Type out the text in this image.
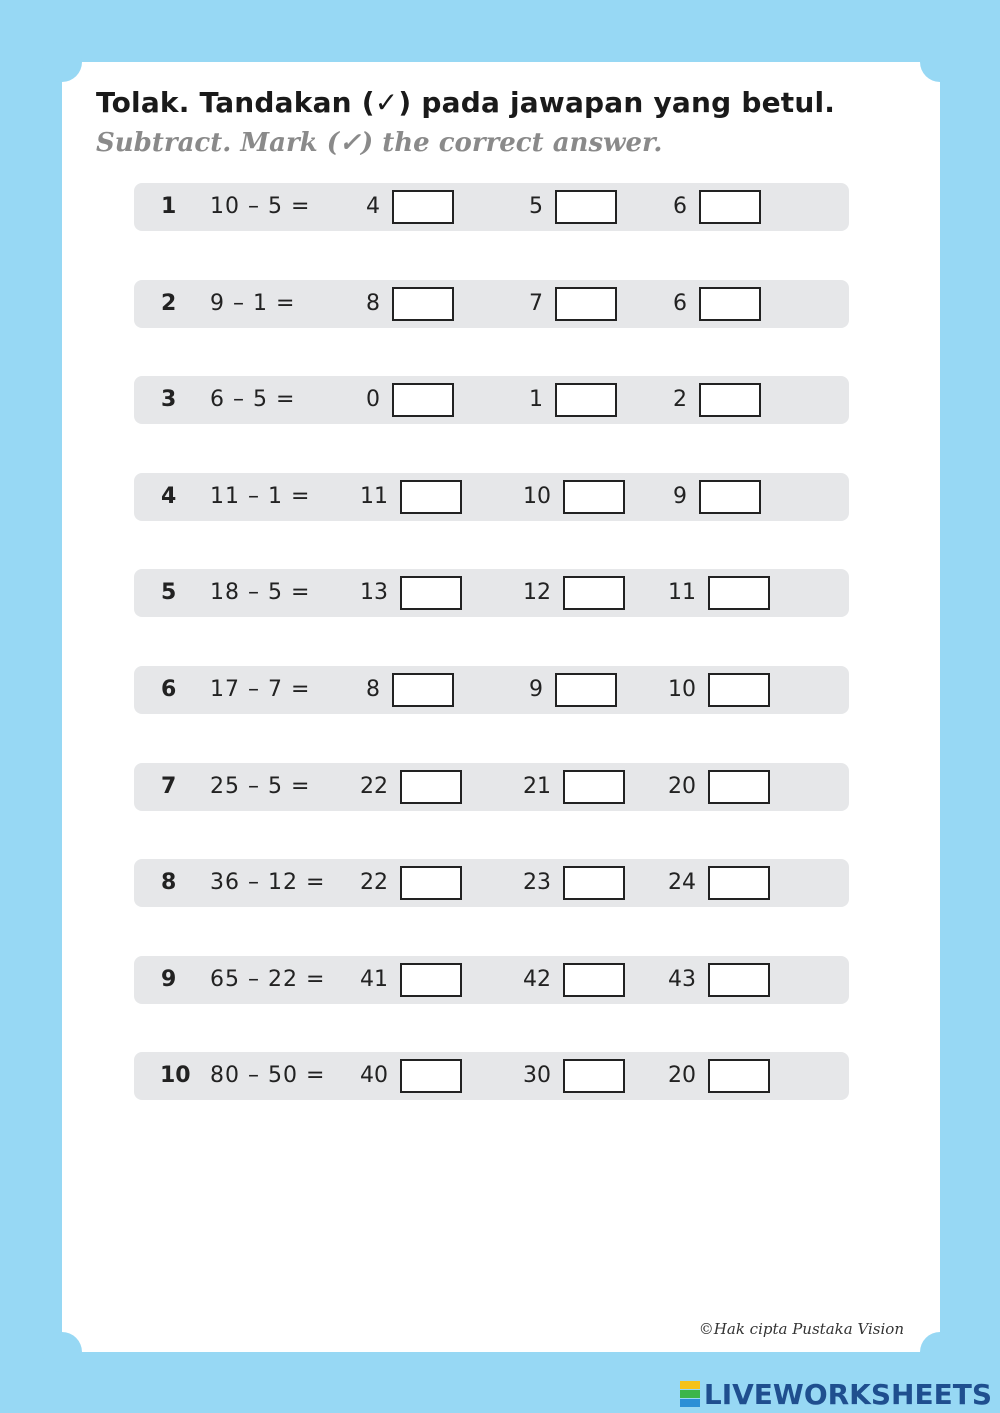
Tolak. Tandakan (✓) pada jawapan yang betul.
Subtract. Mark (✓) the correct answer.
1 10 – 5 =	4	5	6
2 9 – 1 =	8	7	6
3 6 – 5 =	0	1	2
4 11 – 1 = 11	10	9
5 18 – 5 = 13	12	11
6 17 – 7 =	8	9	10
7 25 – 5 = 22	21	20
8 36 – 12 = 22	23	24
9 65 – 22 = 41	42	43
10 80 – 50 = 40	30	20
©Hak cipta Pustaka Vision
LIVEWORKSHEETS
